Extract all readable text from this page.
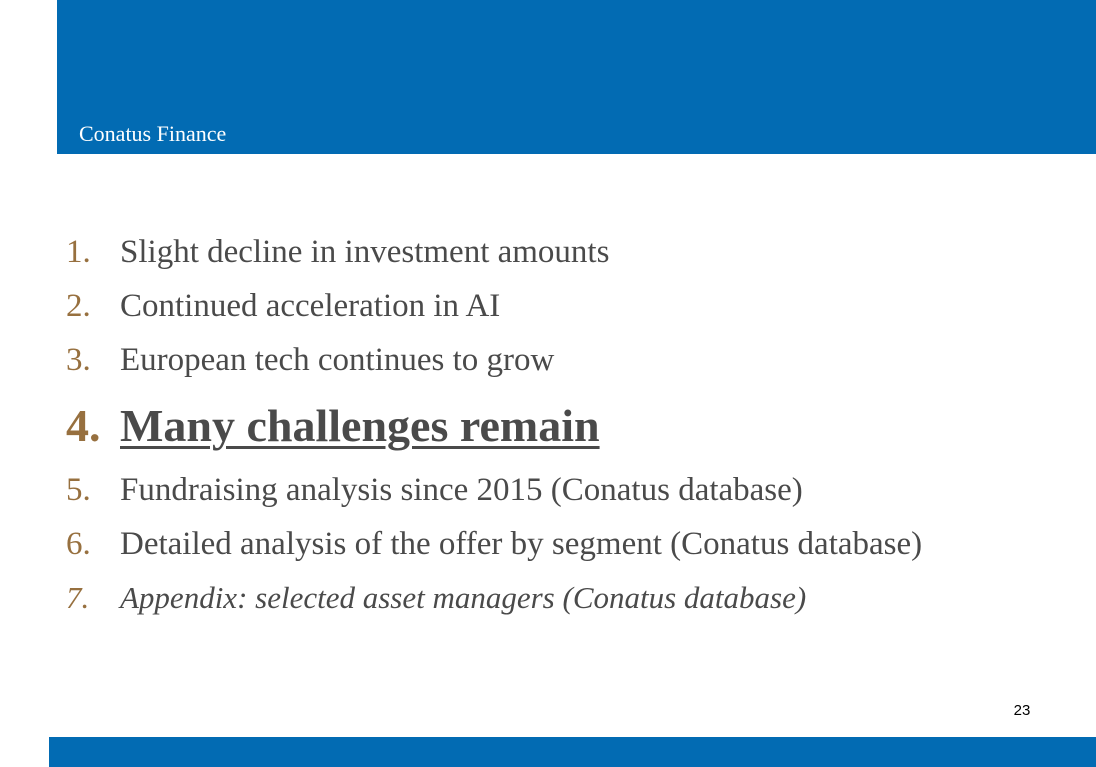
Conatus Finance
1. Slight decline in investment amounts
2. Continued acceleration in AI
3. European tech continues to grow
4. Many challenges remain
5. Fundraising analysis since 2015 (Conatus database)
6. Detailed analysis of the offer by segment (Conatus database)
7. Appendix: selected asset managers (Conatus database)
23
